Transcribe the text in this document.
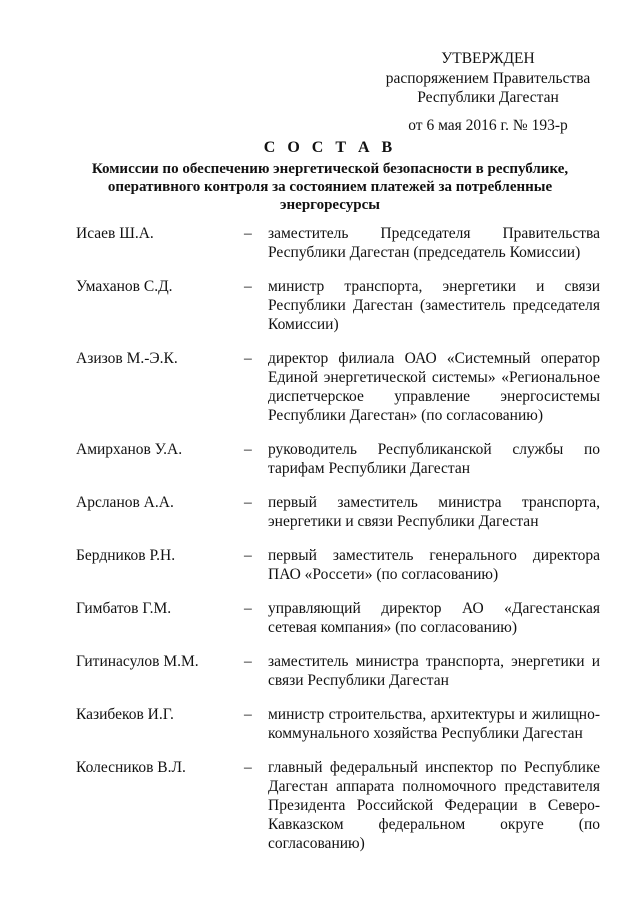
УТВЕРЖДЕН
распоряжением Правительства
Республики Дагестан
от 6 мая 2016 г. № 193-р
С О С Т А В
Комиссии по обеспечению энергетической безопасности в республике, оперативного контроля за состоянием платежей за потребленные энергоресурсы
Исаев Ш.А.	–	заместитель Председателя Правительства Республики Дагестан (председатель Комиссии)
Умаханов С.Д.	–	министр транспорта, энергетики и связи Республики Дагестан (заместитель председателя Комиссии)
Азизов М.-Э.К.	–	директор филиала ОАО «Системный оператор Единой энергетической системы» «Региональное диспетчерское управление энергосистемы Республики Дагестан» (по согласованию)
Амирханов У.А.	–	руководитель Республиканской службы по тарифам Республики Дагестан
Арсланов А.А.	–	первый заместитель министра транспорта, энергетики и связи Республики Дагестан
Бердников Р.Н.	–	первый заместитель генерального директора ПАО «Россети» (по согласованию)
Гимбатов Г.М.	–	управляющий директор АО «Дагестанская сетевая компания» (по согласованию)
Гитинасулов М.М.	–	заместитель министра транспорта, энергетики и связи Республики Дагестан
Казибеков И.Г.	–	министр строительства, архитектуры и жилищно-коммунального хозяйства Республики Дагестан
Колесников В.Л.	–	главный федеральный инспектор по Республике Дагестан аппарата полномочного представителя Президента Российской Федерации в Северо-Кавказском федеральном округе (по согласованию)
